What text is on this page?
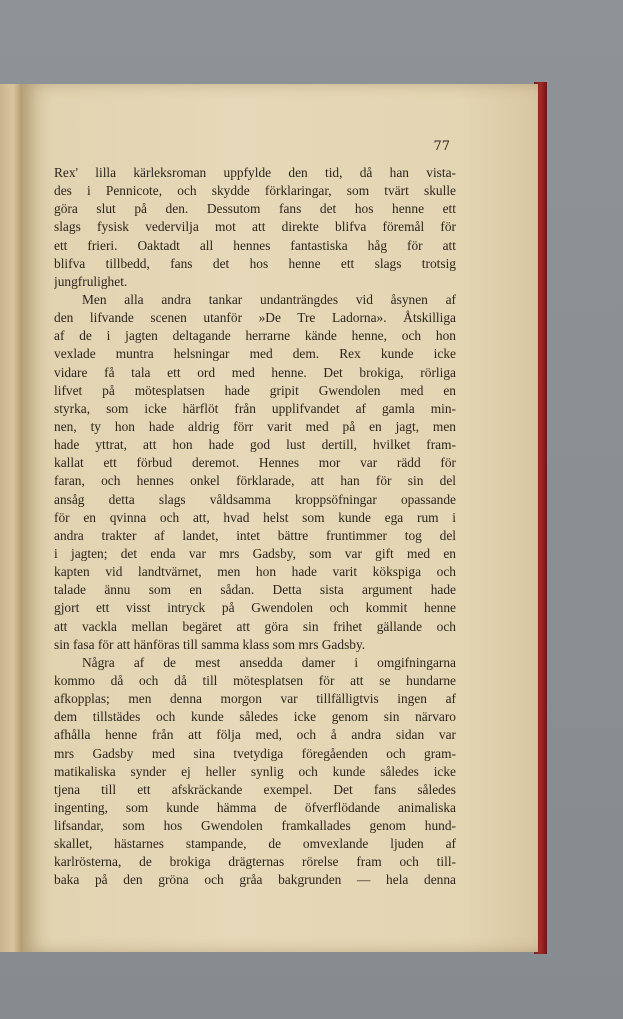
77
Rex' lilla kärleksroman uppfylde den tid, då han vista-
des i Pennicote, och skydde förklaringar, som tvärt skulle
göra slut på den. Dessutom fans det hos henne ett
slags fysisk vedervilja mot att direkte blifva föremål för
ett frieri. Oaktadt all hennes fantastiska håg för att
blifva tillbedd, fans det hos henne ett slags trotsig
jungfrulighet.
Men alla andra tankar undanträngdes vid åsynen af
den lifvande scenen utanför »De Tre Ladorna». Åtskilliga
af de i jagten deltagande herrarne kände henne, och hon
vexlade muntra helsningar med dem. Rex kunde icke
vidare få tala ett ord med henne. Det brokiga, rörliga
lifvet på mötesplatsen hade gripit Gwendolen med en
styrka, som icke härflöt från upplifvandet af gamla min-
nen, ty hon hade aldrig förr varit med på en jagt, men
hade yttrat, att hon hade god lust dertill, hvilket fram-
kallat ett förbud deremot. Hennes mor var rädd för
faran, och hennes onkel förklarade, att han för sin del
ansåg detta slags våldsamma kroppsöfningar opassande
för en qvinna och att, hvad helst som kunde ega rum i
andra trakter af landet, intet bättre fruntimmer tog del
i jagten; det enda var mrs Gadsby, som var gift med en
kapten vid landtvärnet, men hon hade varit kökspiga och
talade ännu som en sådan. Detta sista argument hade
gjort ett visst intryck på Gwendolen och kommit henne
att vackla mellan begäret att göra sin frihet gällande och
sin fasa för att hänföras till samma klass som mrs Gadsby.
Några af de mest ansedda damer i omgifningarna
kommo då och då till mötesplatsen för att se hundarne
afkopplas; men denna morgon var tillfälligtvis ingen af
dem tillstädes och kunde således icke genom sin närvaro
afhålla henne från att följa med, och å andra sidan var
mrs Gadsby med sina tvetydiga föregåenden och gram-
matikaliska synder ej heller synlig och kunde således icke
tjena till ett afskräckande exempel. Det fans således
ingenting, som kunde hämma de öfverflödande animaliska
lifsandar, som hos Gwendolen framkallades genom hund-
skallet, hästarnes stampande, de omvexlande ljuden af
karlrösterna, de brokiga drägternas rörelse fram och till-
baka på den gröna och gråa bakgrunden — hela denna
